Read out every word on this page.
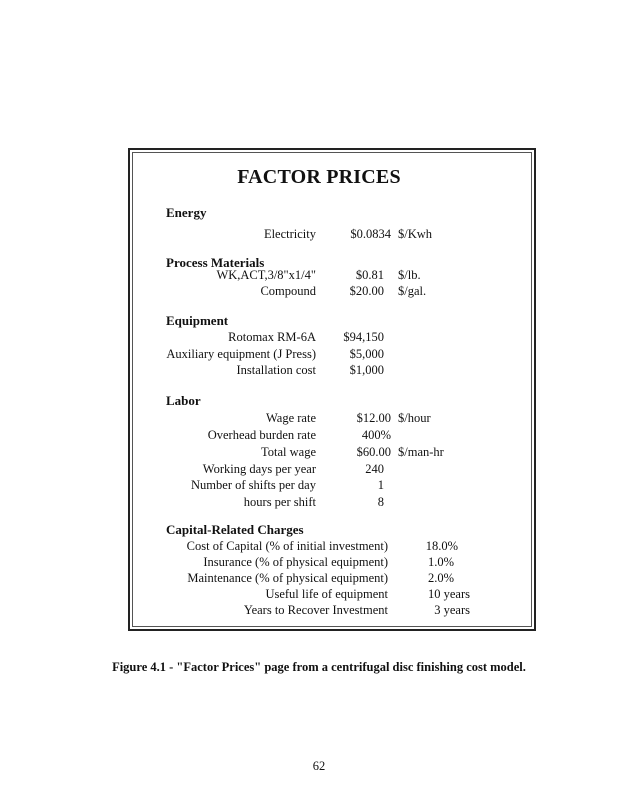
FACTOR PRICES
Energy
Electricity	$0.0834 $/Kwh
Process Materials
WK,ACT,3/8"x1/4"	$0.81 $/lb.
Compound	$20.00 $/gal.
Equipment
Rotomax RM-6A $94,150
Auxiliary equipment (J Press)	$5,000
Installation cost	$1,000
Labor
Wage rate	$12.00 $/hour
Overhead burden rate	400%
Total wage	$60.00 $/man-hr
Working days per year	240
Number of shifts per day	1
hours per shift	8
Capital-Related Charges
Cost of Capital (% of initial investment)	18.0%
Insurance (% of physical equipment)	1.0%
Maintenance (% of physical equipment)	2.0%
Useful life of equipment	10 years
Years to Recover Investment	3 years
Figure 4.1 - "Factor Prices" page from a centrifugal disc finishing cost model.
62
